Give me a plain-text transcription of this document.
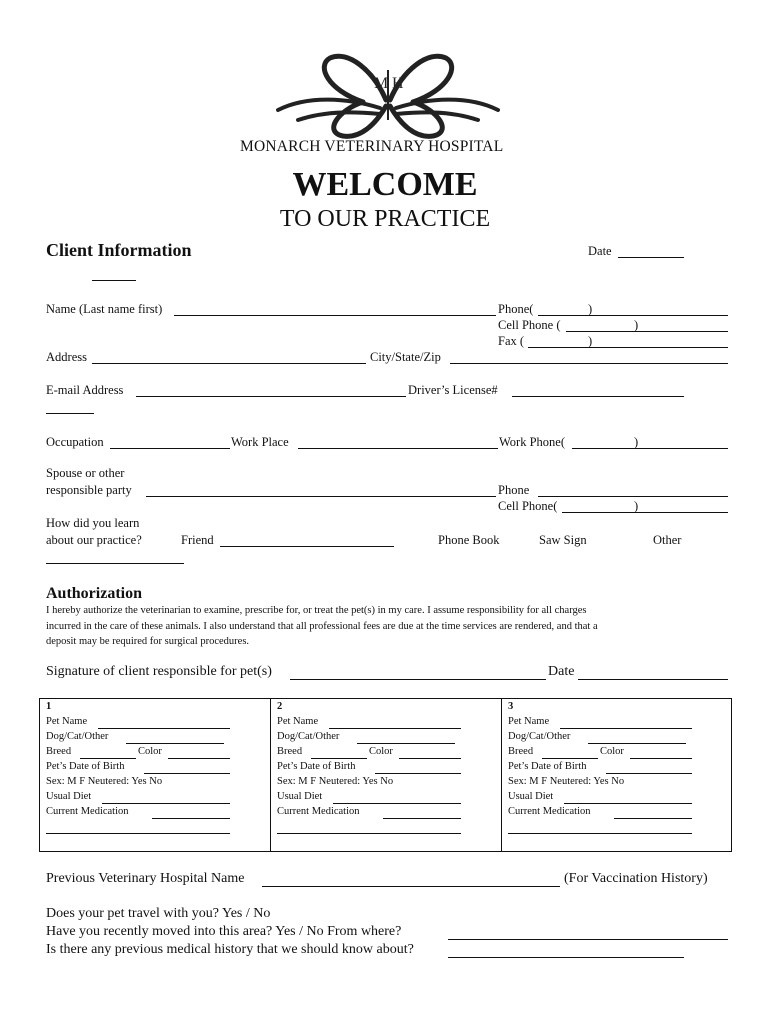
M H
MONARCH VETERINARY HOSPITAL
WELCOME
TO OUR PRACTICE
Client Information	Date
Name (Last name first)	Phone(	)
Cell Phone (	)
Fax (	)
Address	City/State/Zip
E-mail Address	Driver’s License#
Occupation	Work Place	Work Phone(	)
Spouse or other
responsible party	Phone
Cell Phone(	)
How did you learn
about our practice?	Friend	Phone Book	Saw Sign	Other
Authorization
I hereby authorize the veterinarian to examine, prescribe for, or treat the pet(s) in my care. I assume responsibility for all charges
incurred in the care of these animals. I also understand that all professional fees are due at the time services are rendered, and that a
deposit may be required for surgical procedures.
Signature of client responsible for pet(s)	Date
1
Pet Name
Dog/Cat/Other
Breed	Color
Pet’s Date of Birth
Sex: M F Neutered: Yes No
Usual Diet
Current Medication
2
Pet Name
Dog/Cat/Other
Breed	Color
Pet’s Date of Birth
Sex: M F Neutered: Yes No
Usual Diet
Current Medication
3
Pet Name
Dog/Cat/Other
Breed	Color
Pet’s Date of Birth
Sex: M F Neutered: Yes No
Usual Diet
Current Medication
Previous Veterinary Hospital Name	(For Vaccination History)
Does your pet travel with you? Yes / No
Have you recently moved into this area? Yes / No From where?
Is there any previous medical history that we should know about?
